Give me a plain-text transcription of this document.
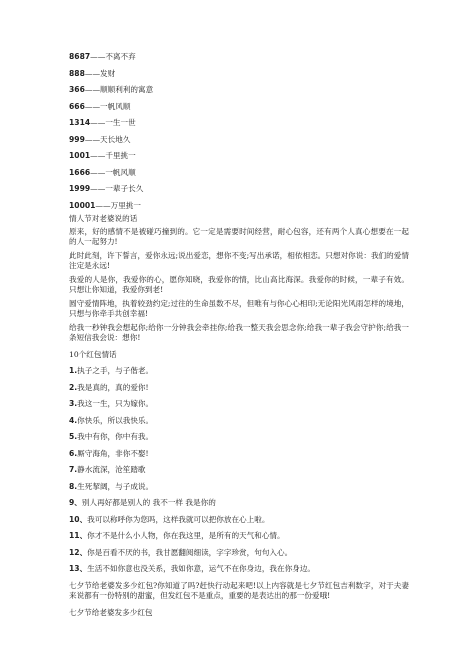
8687——不离不弃
888——发财
366——顺顺利利的寓意
666——一帆风顺
1314——一生一世
999——天长地久
1001——千里挑一
1666——一帆风顺
1999——一辈子长久
10001——万里挑一
情人节对老婆说的话

原来，好的感情不是被碰巧撞到的。它一定是需要时间经营，耐心包容，还有两个人真心想要在一起的人一起努力!

此时此刻，许下誓言，爱你永远;说出爱恋，想你不变;写出承诺，相依相恋。只想对你说：我们的爱情注定是永远!

我爱的人是你，我爱你的心，愿你知晓，我爱你的情，比山高比海深。我爱你的时候，一辈子有效。只想让你知道，我爱你到老!

圆守爱情阵地，执着较劲约定;过往的生命虽数不尽，但唯有与你心心相印;无论阳光风雨怎样的境地，只想与你牵手共创幸福!

给我一秒钟我会想起你;给你一分钟我会牵挂你;给我一整天我会思念你;给我一辈子我会守护你;给我一条短信我会说：想你!

10个红包情话
1.执子之手，与子偕老。
2.我是真的，真的爱你!
3.我这一生，只为嫁你。
4.你快乐，所以我快乐。
5.我中有你，你中有我。
6.厮守海角，非你不娶!
7.静水流深，沧笙踏歌
8.生死挈阔，与子成说。
9、别人再好都是别人的 我不一样 我是你的
10、我可以称呼你为您吗，这样我就可以把你放在心上啦。
11、你才不是什么小人物，你在我这里，是所有的天气和心情。
12、你是百看不厌的书，我甘愿翻阅细读，字字珍赏，句句入心。
13、生活不如你意也没关系，我如你意，运气不在你身边，我在你身边。

七夕节给老婆发多少红包?你知道了吗?赶快行动起来吧!以上内容就是七夕节红包吉利数字，对于夫妻来说都有一份特别的甜蜜，但发红包不是重点，重要的是表达出的那一份爱哦!

七夕节给老婆发多少红包
